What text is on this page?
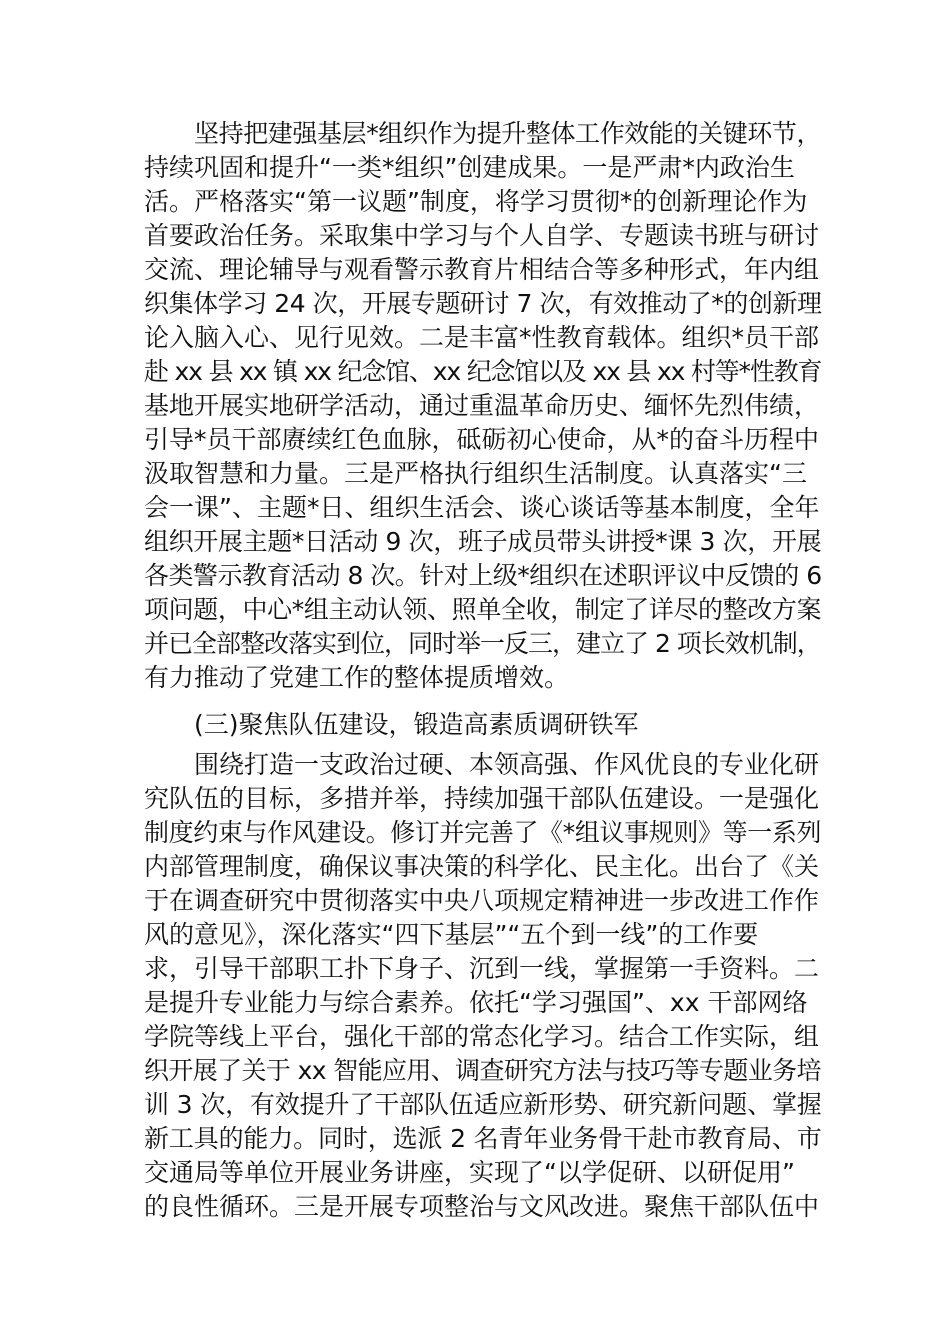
坚持把建强基层*组织作为提升整体工作效能的关键环节，
持续巩固和提升“一类*组织”创建成果。一是严肃*内政治生
活。严格落实“第一议题”制度，将学习贯彻*的创新理论作为
首要政治任务。采取集中学习与个人自学、专题读书班与研讨
交流、理论辅导与观看警示教育片相结合等多种形式，年内组
织集体学习 24 次，开展专题研讨 7 次，有效推动了*的创新理
论入脑入心、见行见效。二是丰富*性教育载体。组织*员干部
赴 xx 县 xx 镇 xx 纪念馆、xx 纪念馆以及 xx 县 xx 村等*性教育
基地开展实地研学活动，通过重温革命历史、缅怀先烈伟绩，
引导*员干部赓续红色血脉，砥砺初心使命，从*的奋斗历程中
汲取智慧和力量。三是严格执行组织生活制度。认真落实“三
会一课”、主题*日、组织生活会、谈心谈话等基本制度，全年
组织开展主题*日活动 9 次，班子成员带头讲授*课 3 次，开展
各类警示教育活动 8 次。针对上级*组织在述职评议中反馈的 6
项问题，中心*组主动认领、照单全收，制定了详尽的整改方案
并已全部整改落实到位，同时举一反三，建立了 2 项长效机制，
有力推动了党建工作的整体提质增效。
(三)聚焦队伍建设，锻造高素质调研铁军
围绕打造一支政治过硬、本领高强、作风优良的专业化研
究队伍的目标，多措并举，持续加强干部队伍建设。一是强化
制度约束与作风建设。修订并完善了《*组议事规则》等一系列
内部管理制度，确保议事决策的科学化、民主化。出台了《关
于在调查研究中贯彻落实中央八项规定精神进一步改进工作作
风的意见》，深化落实“四下基层”“五个到一线”的工作要
求，引导干部职工扑下身子、沉到一线，掌握第一手资料。二
是提升专业能力与综合素养。依托“学习强国”、xx 干部网络
学院等线上平台，强化干部的常态化学习。结合工作实际，组
织开展了关于 xx 智能应用、调查研究方法与技巧等专题业务培
训 3 次，有效提升了干部队伍适应新形势、研究新问题、掌握
新工具的能力。同时，选派 2 名青年业务骨干赴市教育局、市
交通局等单位开展业务讲座，实现了“以学促研、以研促用”
的良性循环。三是开展专项整治与文风改进。聚焦干部队伍中
